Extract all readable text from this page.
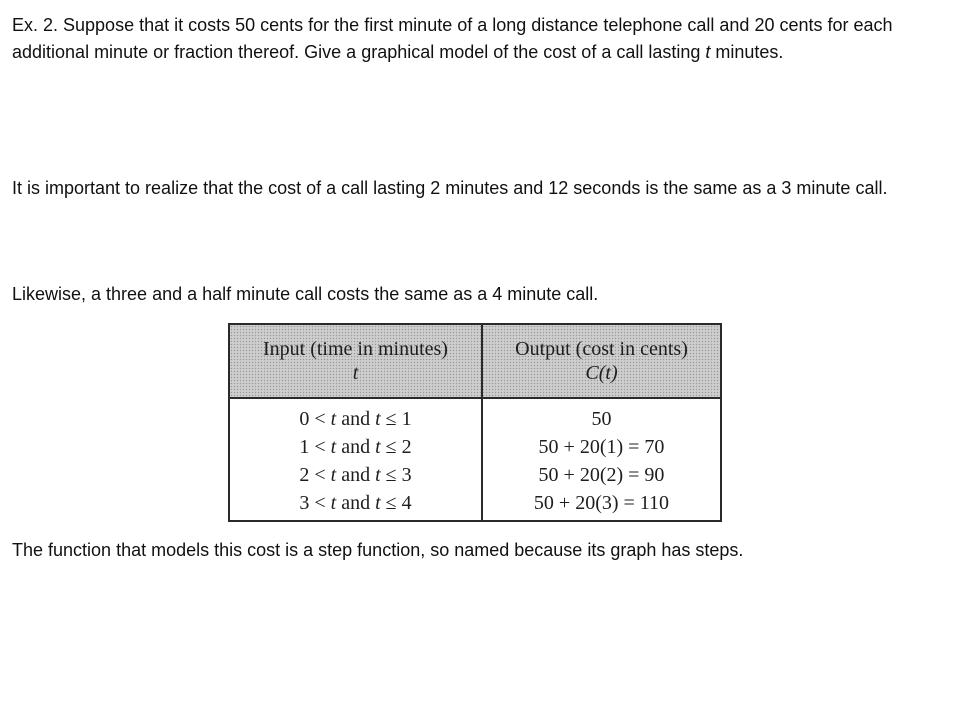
Ex. 2. Suppose that it costs 50 cents for the first minute of a long distance telephone call and 20 cents for each additional minute or fraction thereof. Give a graphical model of the cost of a call lasting t minutes.

It is important to realize that the cost of a call lasting 2 minutes and 12 seconds is the same as a 3 minute call.

Likewise, a three and a half minute call costs the same as a 4 minute call.

Input (time in minutes)
t
Output (cost in cents)
C(t)
0 < t and t ≤ 1
1 < t and t ≤ 2
2 < t and t ≤ 3
3 < t and t ≤ 4
50
50 + 20(1) = 70
50 + 20(2) = 90
50 + 20(3) = 110

The function that models this cost is a step function, so named because its graph has steps.
